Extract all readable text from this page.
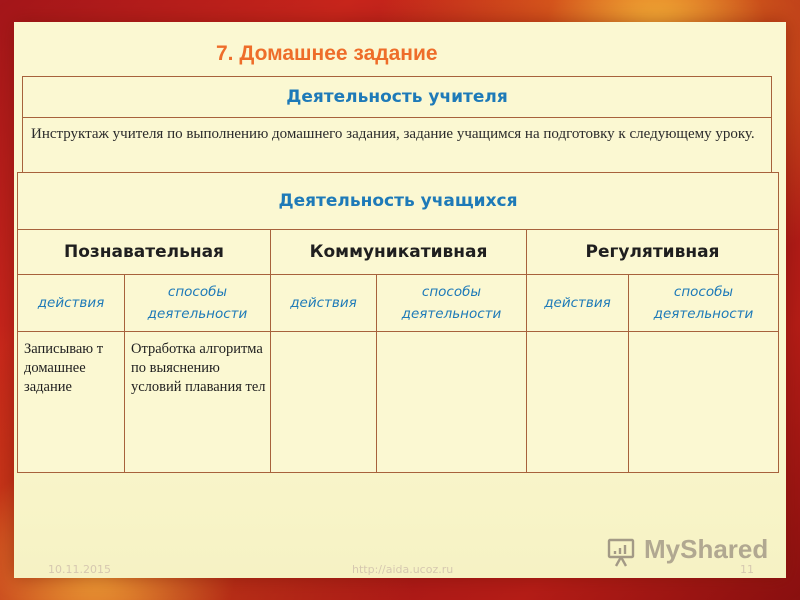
7. Домашнее задание
Деятельность учителя
Инструктаж учителя по выполнению домашнего задания, задание учащимся на подготовку к следующему уроку.
Деятельность учащихся					
Познавательная		Коммуникативная		Регулятивная	
действия	способы деятельности	действия	способы деятельности	действия	способы деятельности
Записываю т домашнее задание	Отработка алгоритма по выяснению условий плавания тел				
10.11.2015	http://aida.ucoz.ru	11
MyShared
